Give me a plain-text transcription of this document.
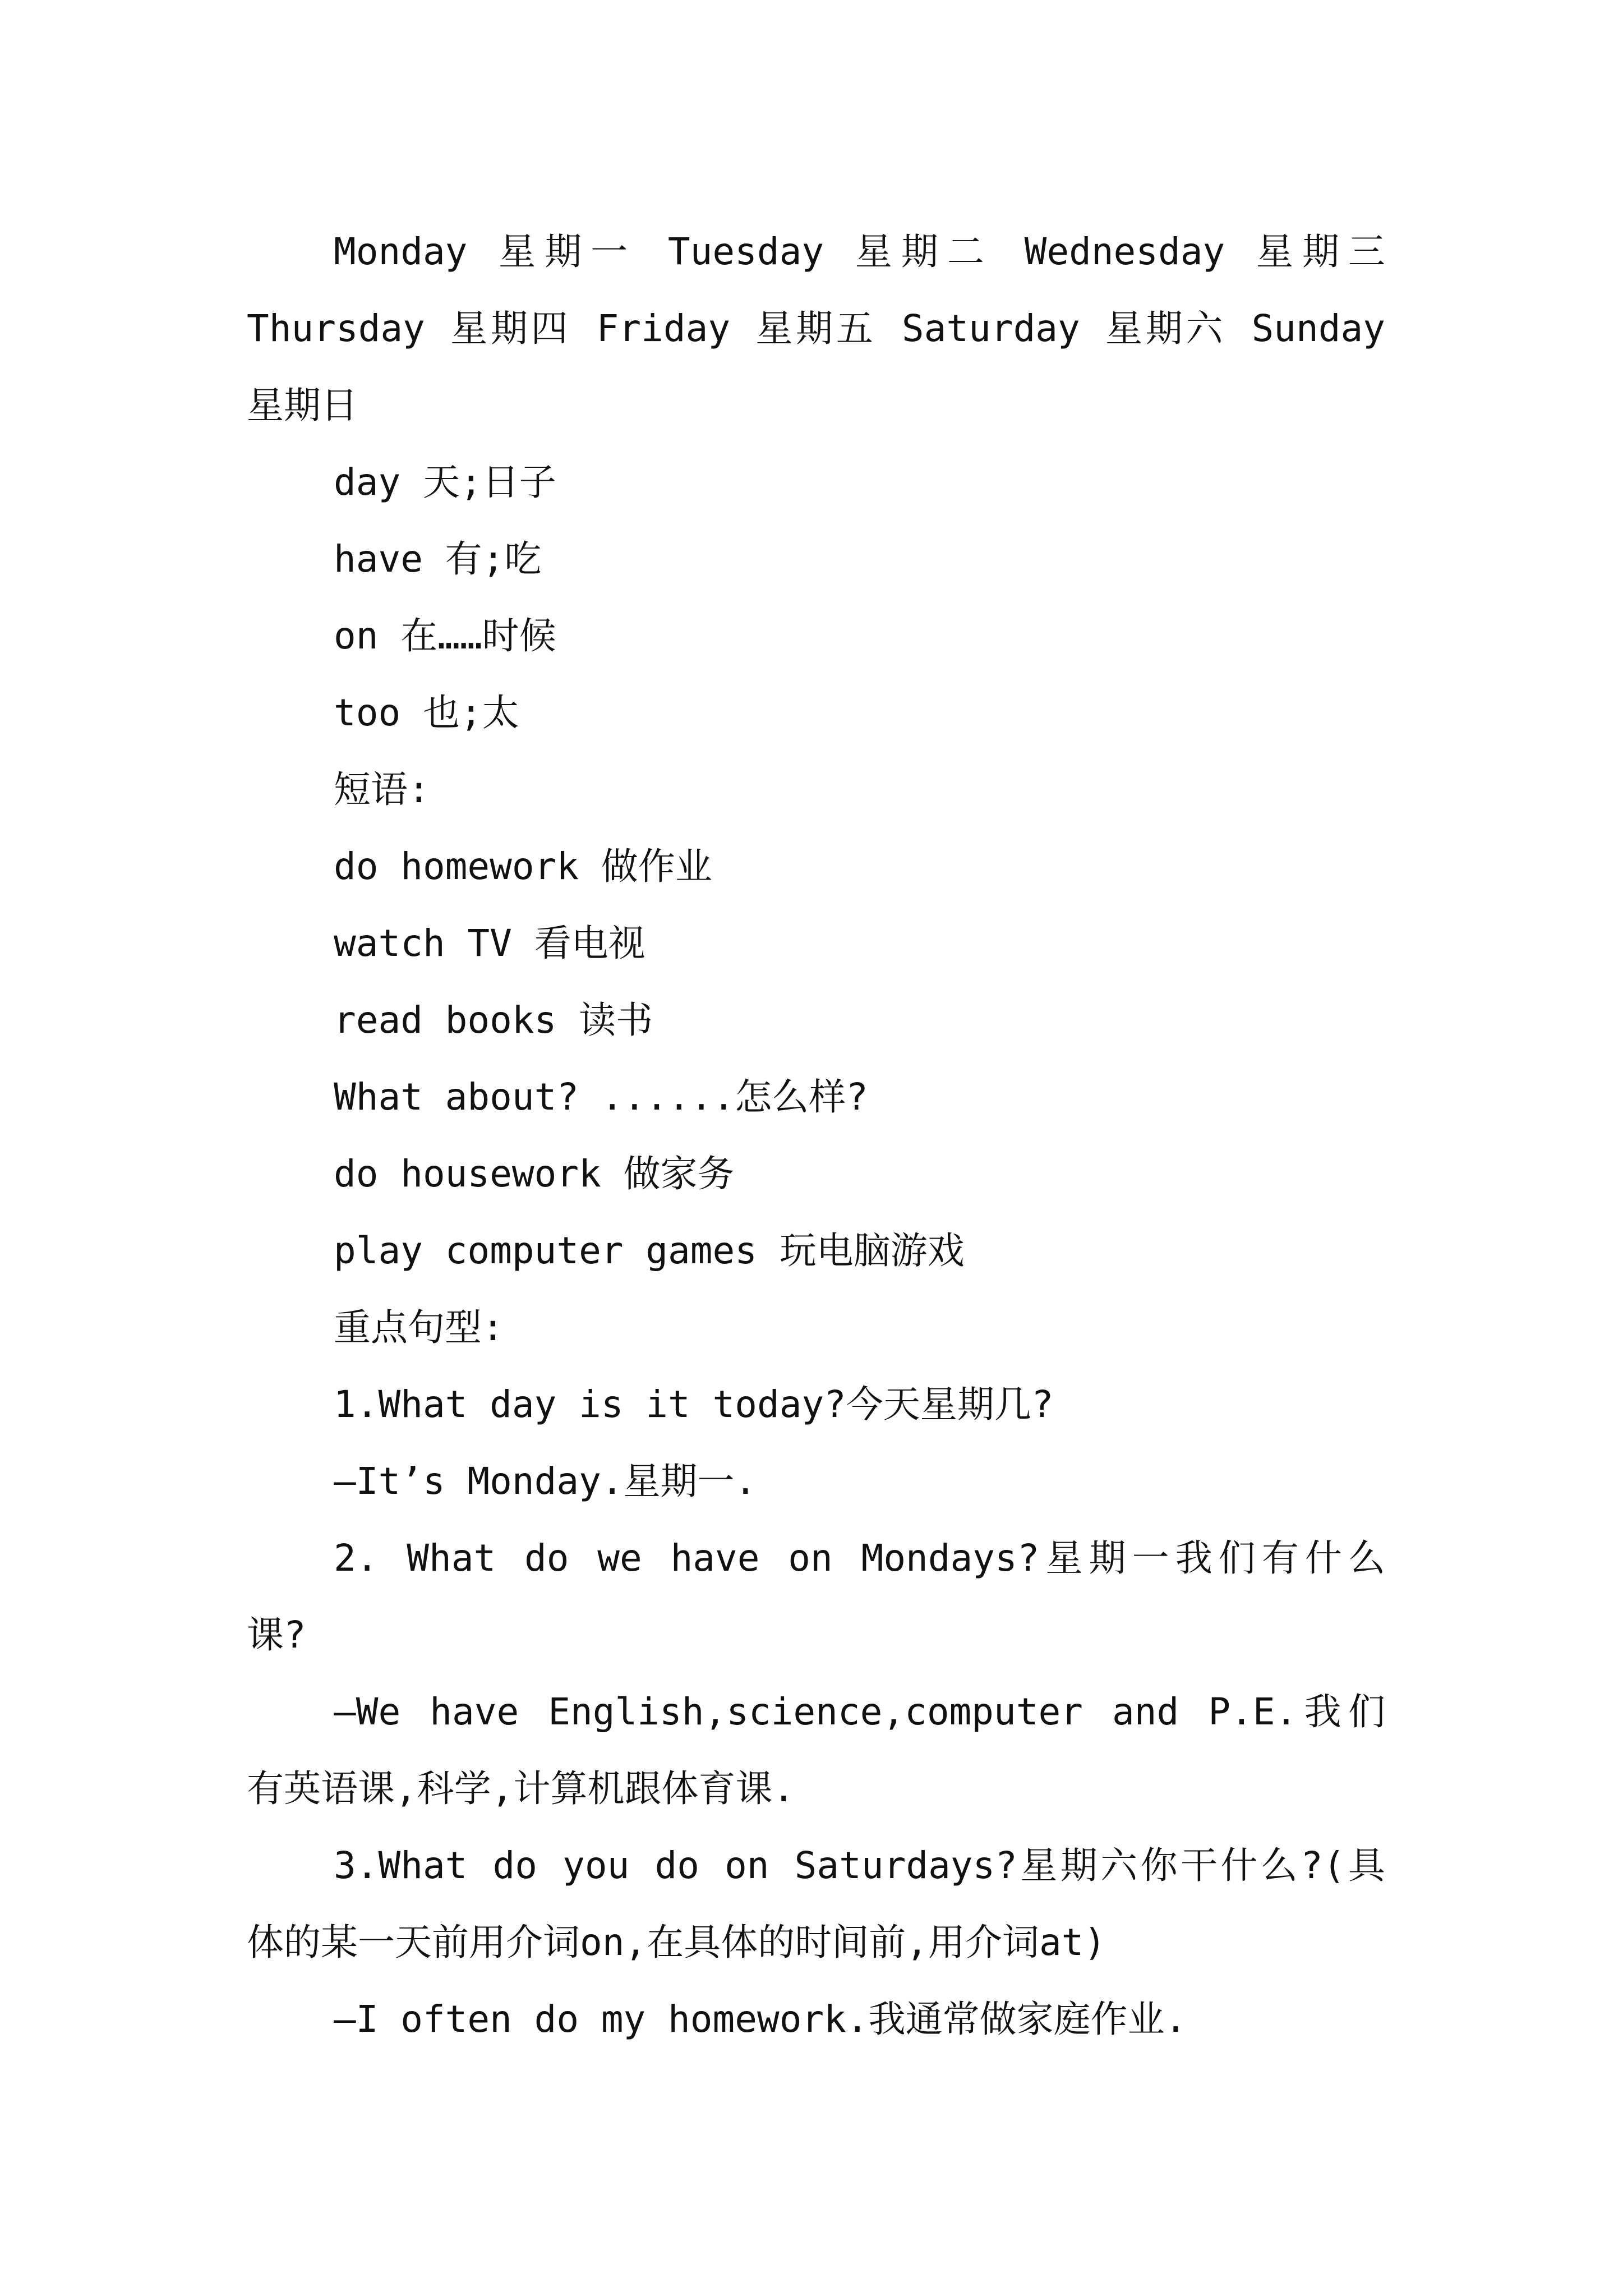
Monday 星期一 Tuesday 星期二 Wednesday 星期三
Thursday 星期四 Friday 星期五 Saturday 星期六 Sunday
星期日
day 天;日子
have 有;吃
on 在……时候
too 也;太
短语:
do homework 做作业
watch TV 看电视
read books 读书
What about? ......怎么样?
do housework 做家务
play computer games 玩电脑游戏
重点句型:
1.What day is it today?今天星期几?
—It’s Monday.星期一.
2. What do we have on Mondays?星期一我们有什么
课?
—We have English,science,computer and P.E.我们
有英语课,科学,计算机跟体育课.
3.What do you do on Saturdays?星期六你干什么?(具
体的某一天前用介词on,在具体的时间前,用介词at)
—I often do my homework.我通常做家庭作业.
